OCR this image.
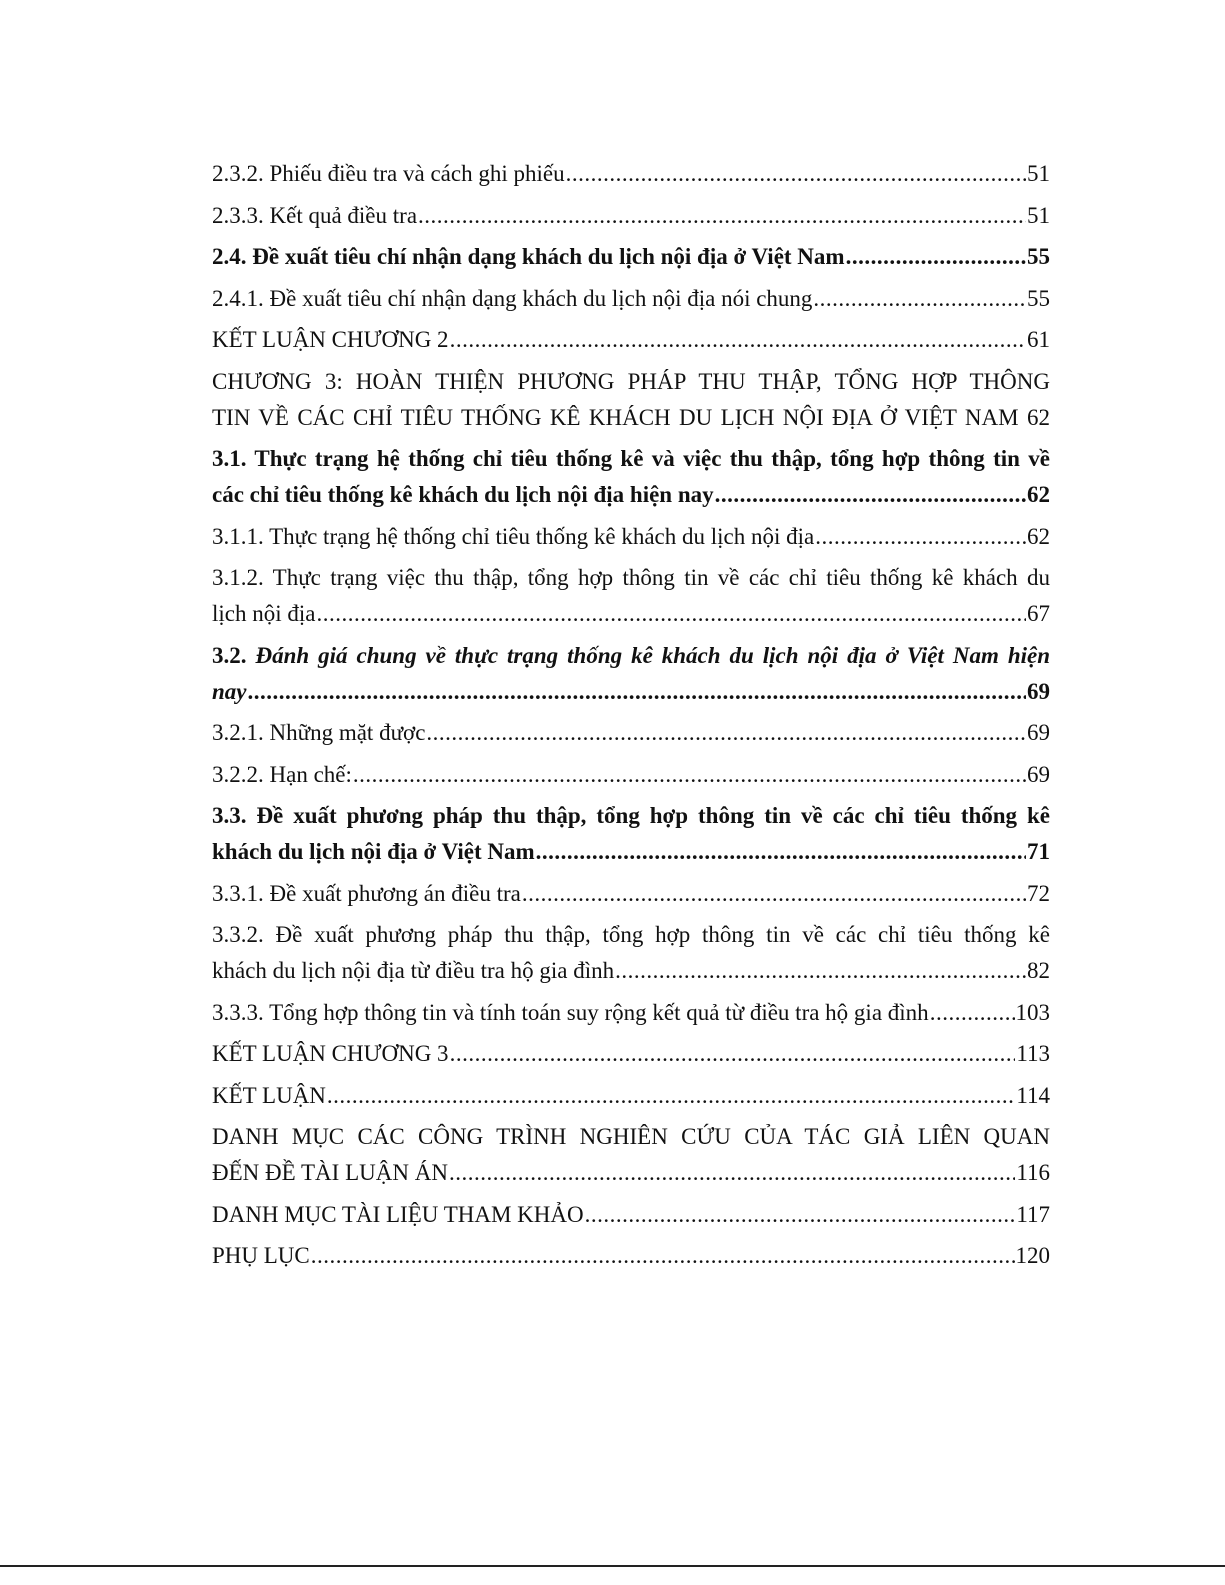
2.3.2. Phiếu điều tra và cách ghi phiếu .....	51
2.3.3. Kết quả điều tra .....	51
2.4. Đề xuất tiêu chí nhận dạng khách du lịch nội địa ở Việt Nam .....	55
2.4.1. Đề xuất tiêu chí nhận dạng khách du lịch nội địa nói chung .....	55
KẾT LUẬN CHƯƠNG 2 .....	61
CHƯƠNG 3: HOÀN THIỆN PHƯƠNG PHÁP THU THẬP, TỔNG HỢP THÔNG
TIN VỀ CÁC CHỈ TIÊU THỐNG KÊ KHÁCH DU LỊCH NỘI ĐỊA Ở VIỆT NAM 62
3.1. Thực trạng hệ thống chỉ tiêu thống kê và việc thu thập, tổng hợp thông tin về
các chỉ tiêu thống kê khách du lịch nội địa hiện nay .....	62
3.1.1. Thực trạng hệ thống chỉ tiêu thống kê khách du lịch nội địa .....	62
3.1.2. Thực trạng việc thu thập, tổng hợp thông tin về các chỉ tiêu thống kê khách du
lịch nội địa .....	67
3.2. Đánh giá chung về thực trạng thống kê khách du lịch nội địa ở Việt Nam hiện
nay .....	69
3.2.1. Những mặt được .....	69
3.2.2. Hạn chế: .....	69
3.3. Đề xuất phương pháp thu thập, tổng hợp thông tin về các chỉ tiêu thống kê
khách du lịch nội địa ở Việt Nam .....	71
3.3.1. Đề xuất phương án điều tra .....	72
3.3.2. Đề xuất phương pháp thu thập, tổng hợp thông tin về các chỉ tiêu thống kê
khách du lịch nội địa từ điều tra hộ gia đình .....	82
3.3.3. Tổng hợp thông tin và tính toán suy rộng kết quả từ điều tra hộ gia đình .....	103
KẾT LUẬN CHƯƠNG 3 .....	113
KẾT LUẬN .....	114
DANH MỤC CÁC CÔNG TRÌNH NGHIÊN CỨU CỦA TÁC GIẢ LIÊN QUAN
ĐẾN ĐỀ TÀI LUẬN ÁN .....	116
DANH MỤC TÀI LIỆU THAM KHẢO .....	117
PHỤ LỤC .....	120
